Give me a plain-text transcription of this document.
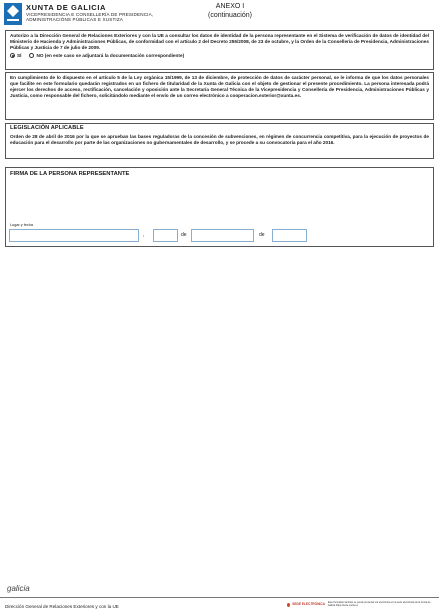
XUNTA DE GALICIA
VICEPRESIDENCIA E CONSELLERÍA DE PRESIDENCIA,
ADMINISTRACIÓNS PÚBLICAS E XUSTIZA
ANEXO I
(continuación)
Autorizo a la Dirección General de Relaciones Exteriores y con la UE a consultar los datos de identidad de la persona representante en el Sistema de verificación de datos de identidad del Ministerio de Hacienda y Administraciones Públicas, de conformidad con el artículo 2 del Decreto 255/2008, de 23 de octubre, y la Orden de la Consellería de Presidencia, Administraciones Públicas y Justicia de 7 de julio de 2009.
SÍ	NO (en este caso se adjuntará la documentación correspondiente)
En cumplimiento de lo dispuesto en el artículo 5 de la Ley orgánica 15/1999, de 13 de diciembre, de protección de datos de carácter personal, se le informa de que los datos personales que facilite en este formulario quedarán registrados en un fichero de titularidad de la Xunta de Galicia con el objeto de gestionar el presente procedimiento. La persona interesada podrá ejercer los derechos de acceso, rectificación, cancelación y oposición ante la Secretaría General Técnica de la Vicepresidencia y Consellería de Presidencia, Administraciones Públicas y Justicia, como responsable del fichero, solicitándolo mediante el envío de un correo electrónico a cooperacion.exterior@xunta.es.
LEGISLACIÓN APLICABLE
Orden de 28 de abril de 2016 por la que se aprueban las bases reguladoras de la concesión de subvenciones, en régimen de concurrencia competitiva, para la ejecución de proyectos de educación para el desarrollo por parte de las organizaciones no gubernamentales de desarrollo, y se procede a su convocatoria para el año 2016.
FIRMA DE LA PERSONA REPRESENTANTE
Lugar y fecha
,	de	de
galicia
Dirección General de Relaciones Exteriores y con la UE	SEDE ELECTRÓNICA Este formulario también se puede presentar vía electrónica en la sede electrónica de la Xunta de Galicia https://sede.xunta.es
